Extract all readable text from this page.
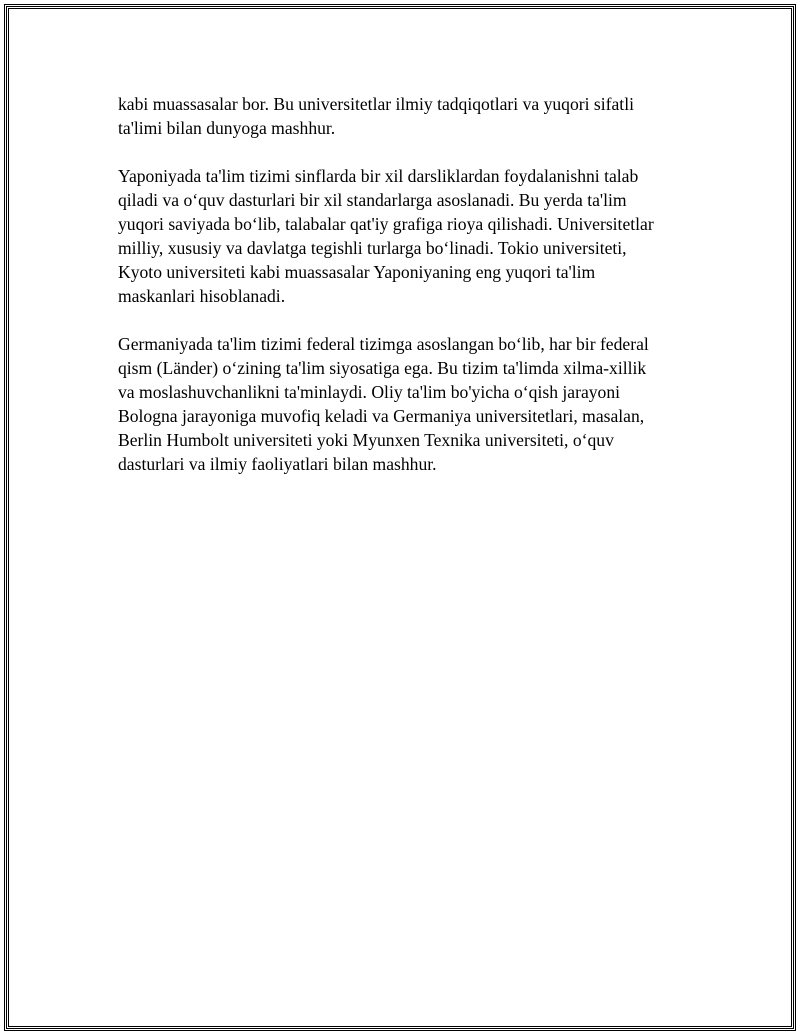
kabi muassasalar bor. Bu universitetlar ilmiy tadqiqotlari va yuqori sifatli
ta'limi bilan dunyoga mashhur.

Yaponiyada ta'lim tizimi sinflarda bir xil darsliklardan foydalanishni talab
qiladi va o‘quv dasturlari bir xil standarlarga asoslanadi. Bu yerda ta'lim
yuqori saviyada bo‘lib, talabalar qat'iy grafiga rioya qilishadi. Universitetlar
milliy, xususiy va davlatga tegishli turlarga bo‘linadi. Tokio universiteti,
Kyoto universiteti kabi muassasalar Yaponiyaning eng yuqori ta'lim
maskanlari hisoblanadi.

Germaniyada ta'lim tizimi federal tizimga asoslangan bo‘lib, har bir federal
qism (Länder) o‘zining ta'lim siyosatiga ega. Bu tizim ta'limda xilma-xillik
va moslashuvchanlikni ta'minlaydi. Oliy ta'lim bo'yicha o‘qish jarayoni
Bologna jarayoniga muvofiq keladi va Germaniya universitetlari, masalan,
Berlin Humbolt universiteti yoki Myunxen Texnika universiteti, o‘quv
dasturlari va ilmiy faoliyatlari bilan mashhur.
